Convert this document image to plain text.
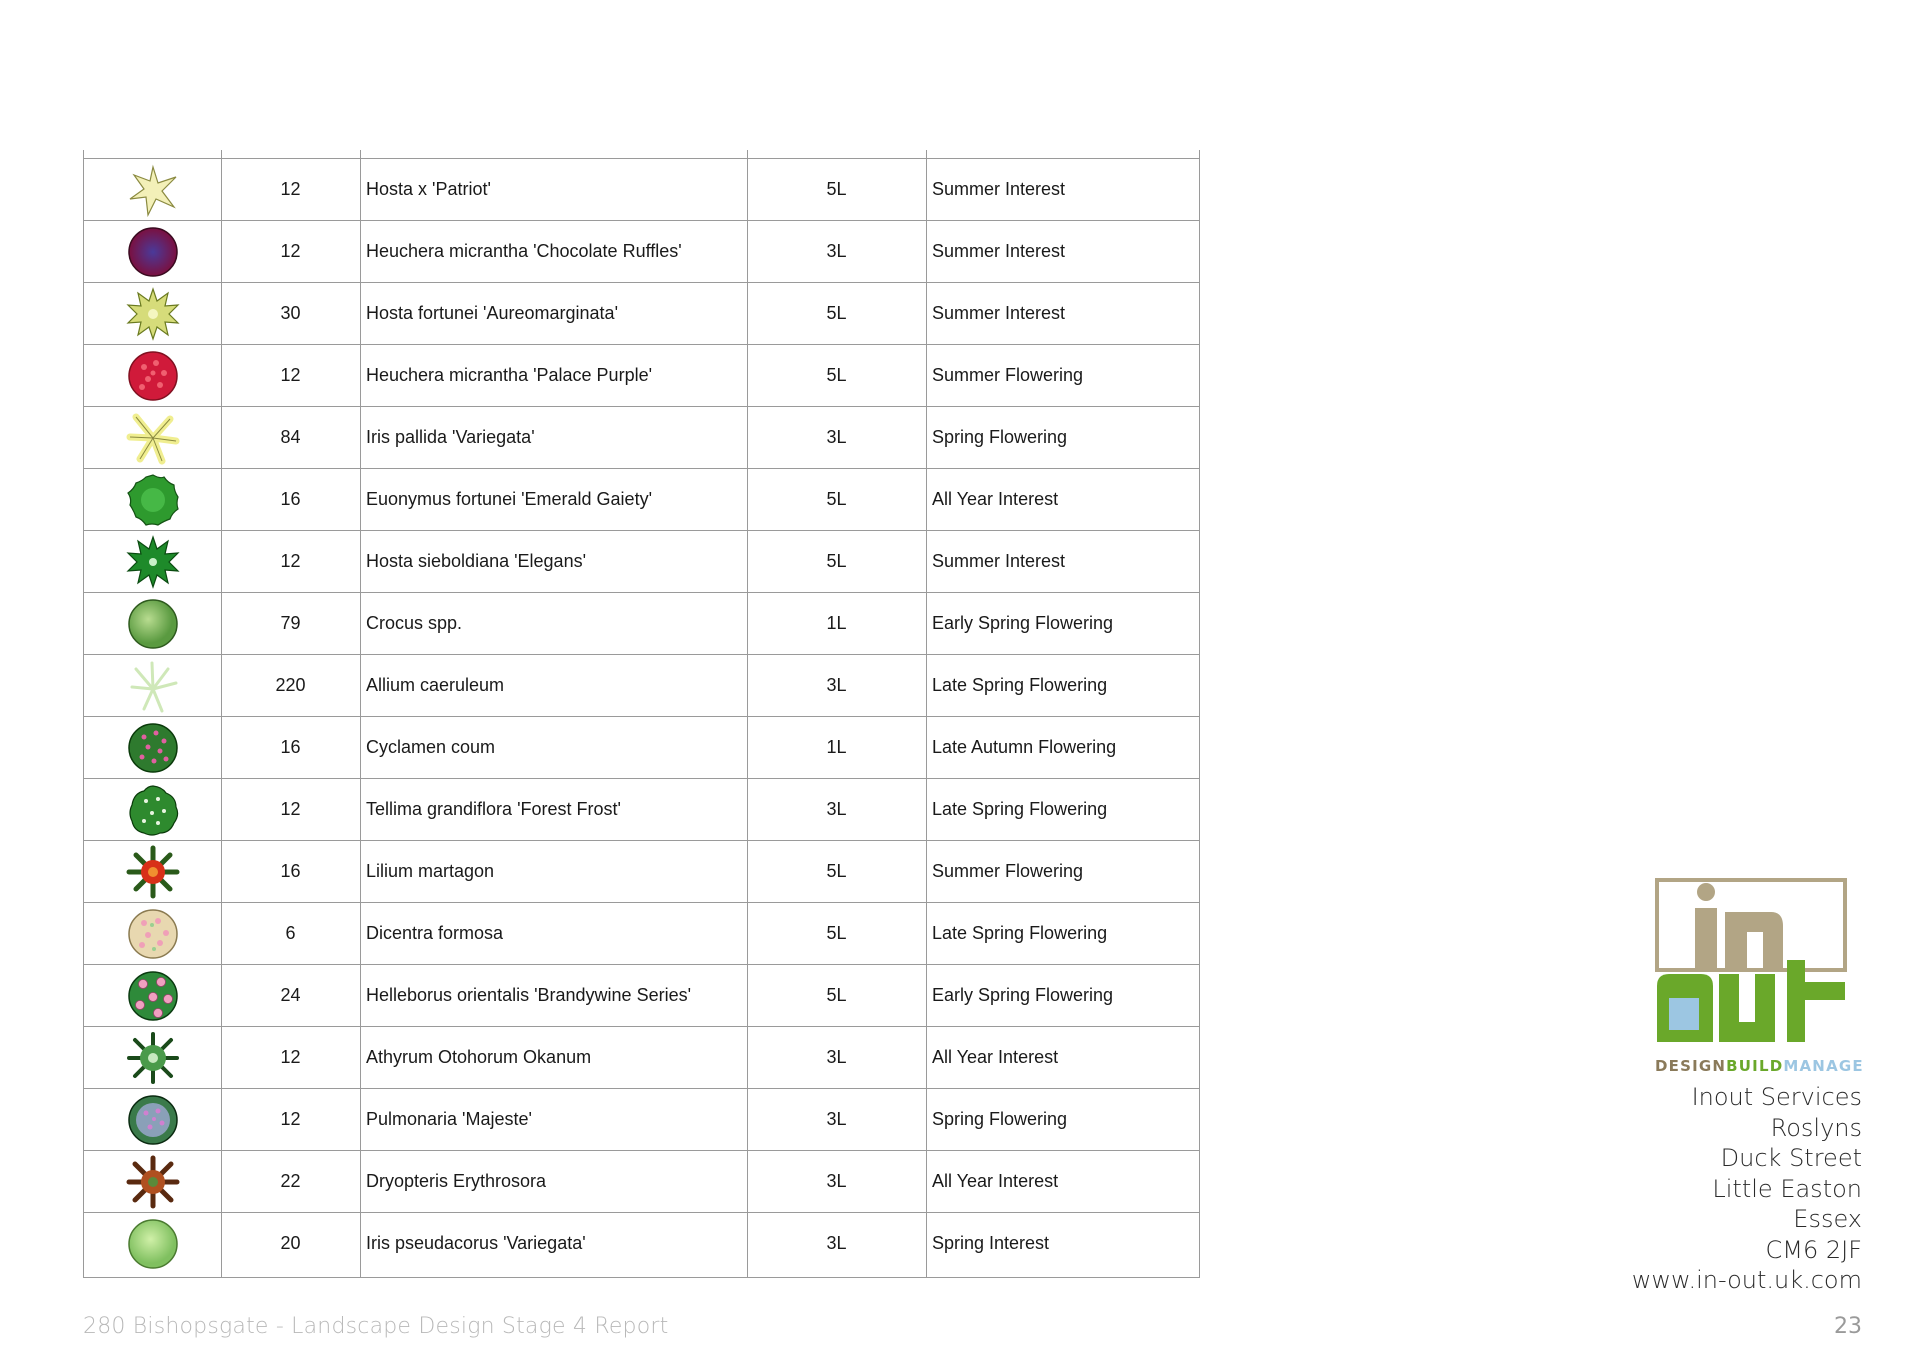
12	Hosta x 'Patriot'	5L	Summer Interest
12	Heuchera micrantha 'Chocolate Ruffles'	3L	Summer Interest
30	Hosta fortunei 'Aureomarginata'	5L	Summer Interest
12	Heuchera micrantha 'Palace Purple'	5L	Summer Flowering
84	Iris pallida 'Variegata'	3L	Spring Flowering
16	Euonymus fortunei 'Emerald Gaiety'	5L	All Year Interest
12	Hosta sieboldiana 'Elegans'	5L	Summer Interest
79	Crocus spp.	1L	Early Spring Flowering
220	Allium caeruleum	3L	Late Spring Flowering
16	Cyclamen coum	1L	Late Autumn Flowering
12	Tellima grandiflora 'Forest Frost'	3L	Late Spring Flowering
16	Lilium martagon	5L	Summer Flowering
6	Dicentra formosa	5L	Late Spring Flowering
24	Helleborus orientalis 'Brandywine Series'	5L	Early Spring Flowering
12	Athyrum Otohorum Okanum	3L	All Year Interest
12	Pulmonaria 'Majeste'	3L	Spring Flowering
22	Dryopteris Erythrosora	3L	All Year Interest
20	Iris pseudacorus 'Variegata'	3L	Spring Interest
280 Bishopsgate - Landscape Design Stage 4 Report	23
DESIGNBUILDMANAGE
Inout Services
Roslyns
Duck Street
Little Easton
Essex
CM6 2JF
www.in-out.uk.com
